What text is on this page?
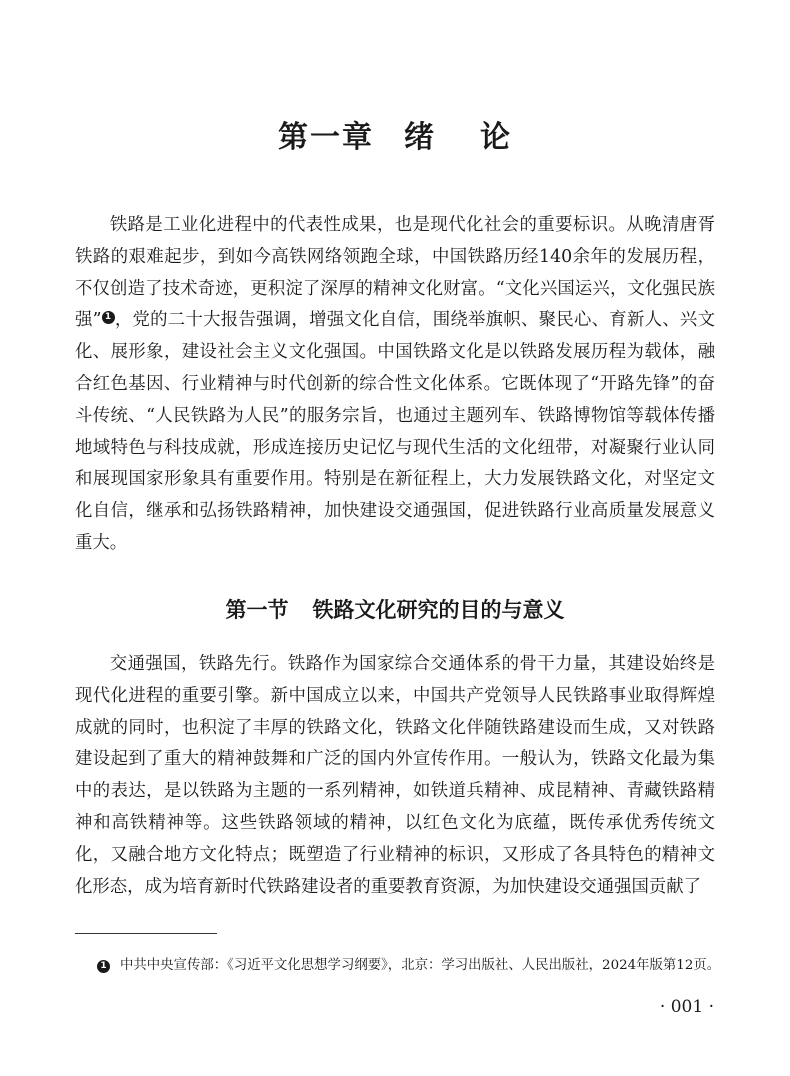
第一章 绪 论

铁路是工业化进程中的代表性成果，也是现代化社会的重要标识。从晚清唐胥铁路的艰难起步，到如今高铁网络领跑全球，中国铁路历经140余年的发展历程，不仅创造了技术奇迹，更积淀了深厚的精神文化财富。“文化兴国运兴，文化强民族强” 1 ，党的二十大报告强调，增强文化自信，围绕举旗帜、聚民心、育新人、兴文化、展形象，建设社会主义文化强国。中国铁路文化是以铁路发展历程为载体，融合红色基因、行业精神与时代创新的综合性文化体系。它既体现了“开路先锋”的奋斗传统、“人民铁路为人民”的服务宗旨，也通过主题列车、铁路博物馆等载体传播地域特色与科技成就，形成连接历史记忆与现代生活的文化纽带，对凝聚行业认同和展现国家形象具有重要作用。特别是在新征程上，大力发展铁路文化，对坚定文化自信，继承和弘扬铁路精神，加快建设交通强国，促进铁路行业高质量发展意义重大。

第一节 铁路文化研究的目的与意义

交通强国，铁路先行。铁路作为国家综合交通体系的骨干力量，其建设始终是现代化进程的重要引擎。新中国成立以来，中国共产党领导人民铁路事业取得辉煌成就的同时，也积淀了丰厚的铁路文化，铁路文化伴随铁路建设而生成，又对铁路建设起到了重大的精神鼓舞和广泛的国内外宣传作用。一般认为，铁路文化最为集中的表达，是以铁路为主题的一系列精神，如铁道兵精神、成昆精神、青藏铁路精神和高铁精神等。这些铁路领域的精神，以红色文化为底蕴，既传承优秀传统文化，又融合地方文化特点；既塑造了行业精神的标识，又形成了各具特色的精神文化形态，成为培育新时代铁路建设者的重要教育资源，为加快建设交通强国贡献了

1 中共中央宣传部：《习近平文化思想学习纲要》，北京：学习出版社、人民出版社，2024年版第12页。

· 001 ·
